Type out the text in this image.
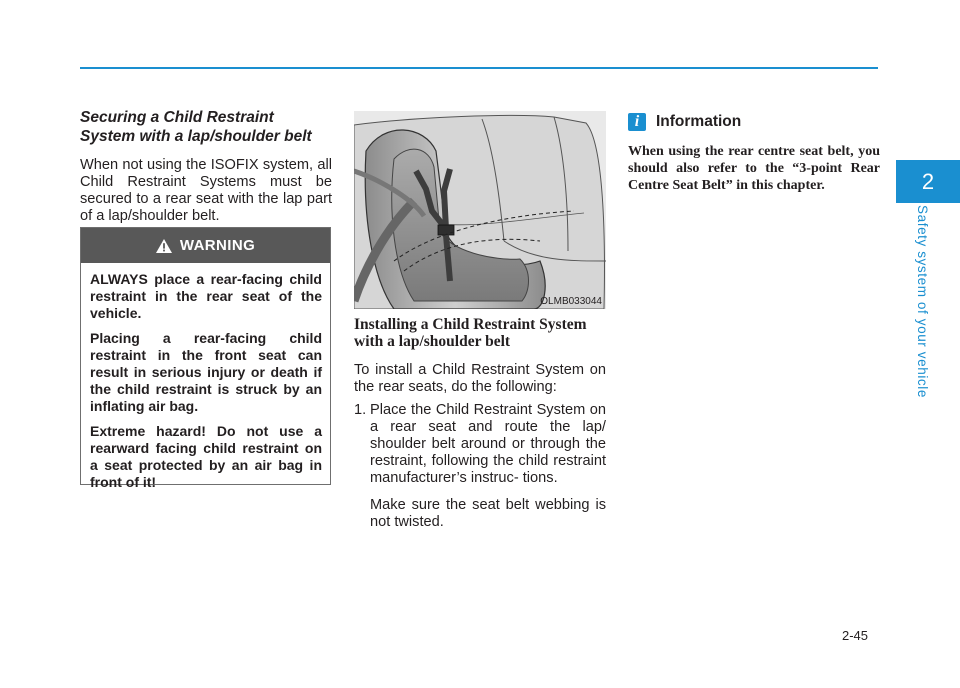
Securing a Child Restraint
System with a lap/shoulder belt

When not using the ISOFIX system, all Child Restraint Systems must be secured to a rear seat with the lap part of a lap/shoulder belt.

WARNING

ALWAYS place a rear-facing child restraint in the rear seat of the vehicle.

Placing a rear-facing child restraint in the front seat can result in serious injury or death if the child restraint is struck by an inflating air bag.

Extreme hazard! Do not use a rearward facing child restraint on a seat protected by an air bag in front of it!

OLMB033044
Installing a Child Restraint System
with a lap/shoulder belt

To install a Child Restraint System on the rear seats, do the following:

1. Place the Child Restraint System on a rear seat and route the lap/ shoulder belt around or through the restraint, following the child restraint manufacturer’s instruc- tions.

Make sure the seat belt webbing is not twisted.

i	Information

When using the rear centre seat belt, you should also refer to the “3-point Rear Centre Seat Belt” in this chapter.	2
Safety system of your vehicle
2-45
